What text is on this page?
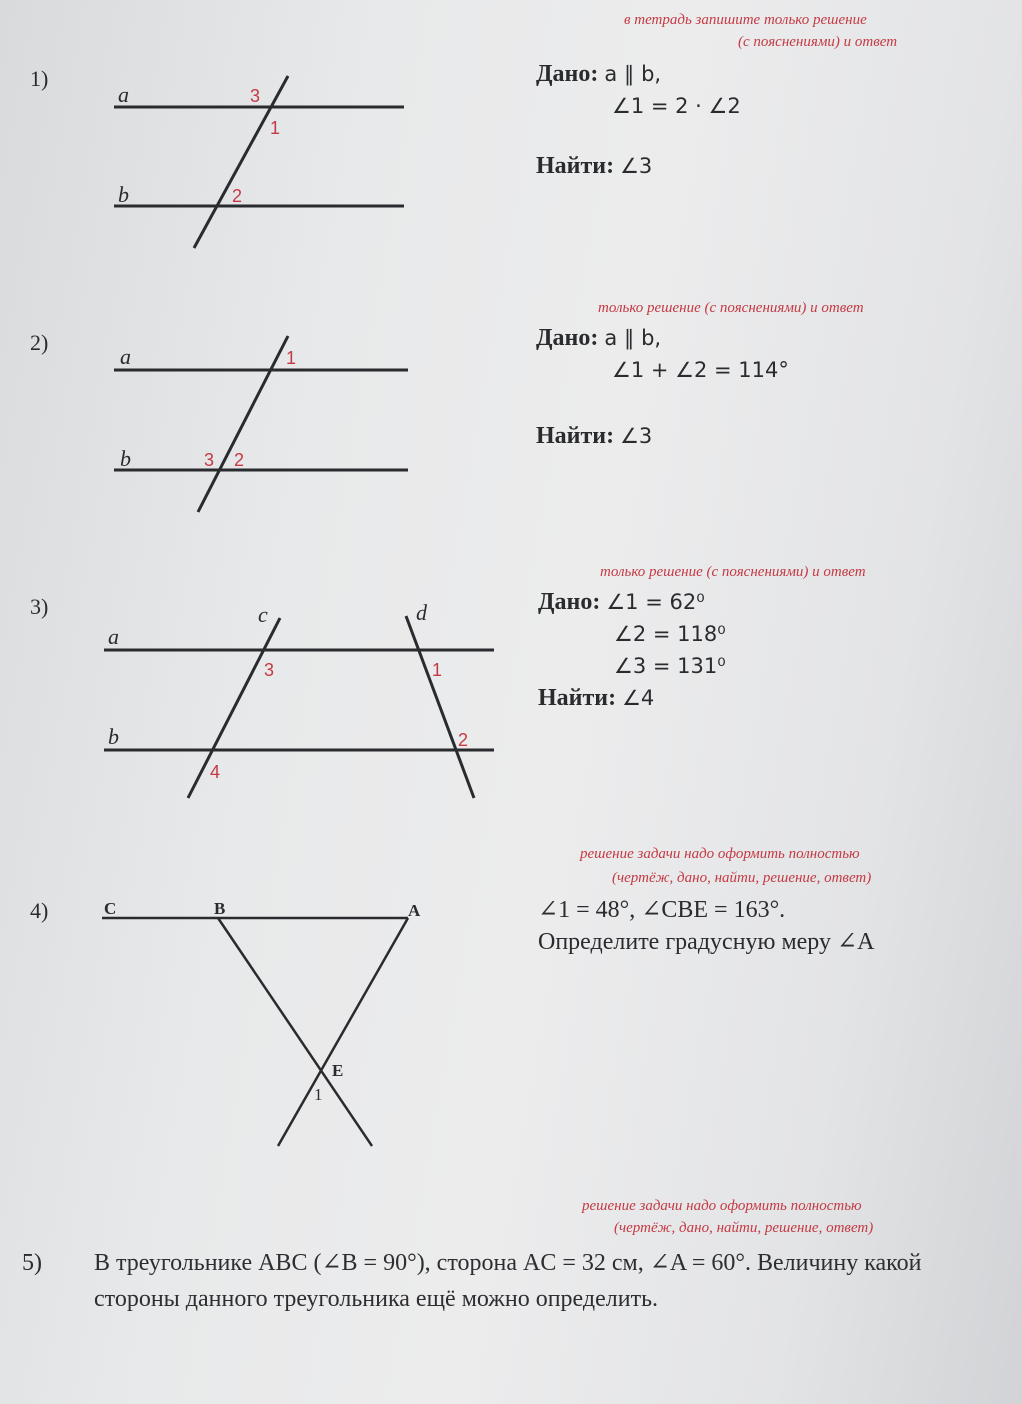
в тетрадь запишите только решение
(с пояснениями) и ответ
1)
a
b
3
1
2
Дано: a ∥ b,
∠1 = 2 · ∠2
Найти: ∠3
только решение (с пояснениями) и ответ
2)
a
b
1
3 2
Дано: a ∥ b,
∠1 + ∠2 = 114°
Найти: ∠3
только решение (с пояснениями) и ответ
3)
a
b
c	d
3	1
2
4
Дано: ∠1 = 62⁰
∠2 = 118⁰
∠3 = 131⁰
Найти: ∠4
решение задачи надо оформить полностью
(чертёж, дано, найти, решение, ответ)
4)	C	B	A
E
1
∠1 = 48°, ∠CBE = 163°.
Определите градусную меру ∠A
решение задачи надо оформить полностью
(чертёж, дано, найти, решение, ответ)
5) В треугольнике ABC (∠B = 90°), сторона AC = 32 см, ∠A = 60°. Величину какой стороны данного треугольника ещё можно определить.
